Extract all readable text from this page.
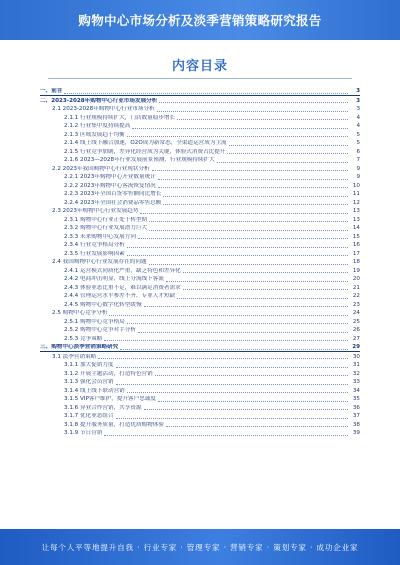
购物中心市场分析及淡季营销策略研究报告
内容目录
一、前言	3
二、2023-2028年购物中心行业市场发展分析	3
2.1 2023-2028年购物中心行业市场分析	3
2.1.1 行业规模持续扩大，门店数量稳步增长	4
2.1.2 行业集中度持续提高	4
2.1.3 区域发展趋于均衡	5
2.1.4 线上线下融合加速，O2O成为新常态，全渠道运营成为主流	5
2.1.5 行业竞争加剧，差异化经营成为关键，体验式消费占比提升	6
2.1.6 2023—2028年行业发展前景预测，行业规模持续扩大	7
2.2 2023年我国购物中心行业现状分析	9
2.2.1 2023年购物中心开业数量统计	9
2.2.2 2023年购物中心客流恢复情况	10
2.2.3 2023年全国百货零售额同比增长	11
2.2.4 2023年全国社会消费品零售总额	12
2.3 2023年购物中心行业发展趋势	13
2.3.1 购物中心行业正处于转型期	13
2.3.2 购物中心行业发展潜力巨大	14
2.3.3 未来购物中心发展方向	15
2.3.4 行业竞争格局分析	16
2.3.5 行业发展影响因素	17
2.4 我国购物中心行业发展存在的问题	18
2.4.1 运营模式同质化严重，缺乏特色和差异化	19
2.4.2 电商冲击明显，线上分流线下客流	20
2.4.3 体验业态比重不足，难以满足消费者需求	21
2.4.4 管理运营水平参差不齐，专业人才短缺	22
2.4.5 购物中心数字化转型缓慢	23
2.5 购物中心竞争分析	24
2.5.1 购物中心竞争格局	25
2.5.2 购物中心竞争对手分析	26
2.5.3 竞争策略	27
三、购物中心淡季营销策略研究	29
3.1 淡季营销策略	30
3.1.1 加大促销力度	31
3.1.2 开展主题活动，打造特色营销	32
3.1.3 强化会员营销	33
3.1.4 线上线下联动营销	34
3.1.5 VIP客户维护，提升客户忠诚度	35
3.1.6 异业合作营销，共享资源	36
3.1.7 优化业态组合	37
3.1.8 提升服务质量，打造优质购物体验	38
3.1.9 节日营销	39
让每个人平等地提升自我 · 行业专家 · 管理专家 · 营销专家 · 策划专家 · 成功企业家
